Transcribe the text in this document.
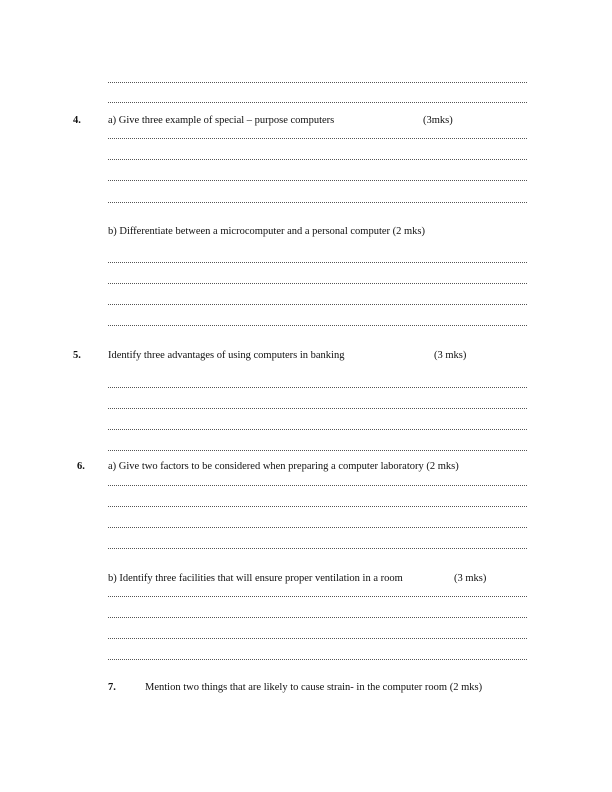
4.	a) Give three example of special – purpose computers	(3mks)
b) Differentiate between a microcomputer and a personal computer (2 mks)
5.	Identify three advantages of using computers in banking	(3 mks)
6. a) Give two factors to be considered when preparing a computer laboratory (2 mks)
b) Identify three facilities that will ensure proper ventilation in a room	(3 mks)
7.	Mention two things that are likely to cause strain- in the computer room (2 mks)
